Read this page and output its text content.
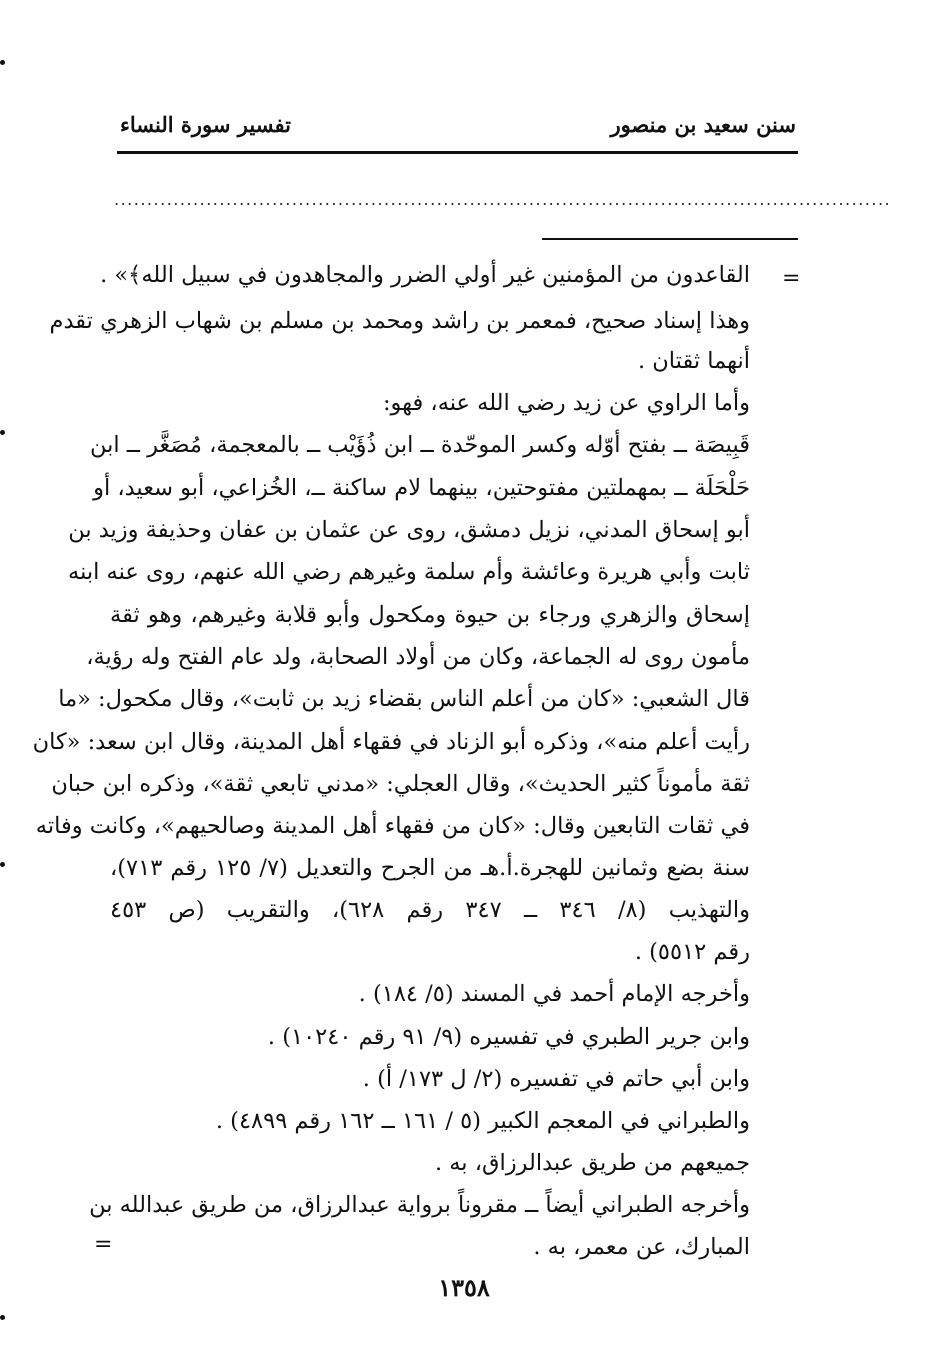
سنن سعيد بن منصور
تفسير سورة النساء
......................................................................................................................
=
القاعدون من المؤمنين غير أولي الضرر والمجاهدون في سبيل الله﴾» .
وهذا إسناد صحيح، فمعمر بن راشد ومحمد بن مسلم بن شهاب الزهري تقدم
أنهما ثقتان .
وأما الراوي عن زيد رضي الله عنه، فهو:
قَبِيصَة ــ بفتح أوّله وكسر الموحّدة ــ ابن ذُؤَيْب ــ بالمعجمة، مُصَغَّر ــ ابن
حَلْحَلَة ــ بمهملتين مفتوحتين، بينهما لام ساكنة ــ، الخُزاعي، أبو سعيد، أو
أبو إسحاق المدني، نزيل دمشق، روى عن عثمان بن عفان وحذيفة وزيد بن
ثابت وأبي هريرة وعائشة وأم سلمة وغيرهم رضي الله عنهم، روى عنه ابنه
إسحاق والزهري ورجاء بن حيوة ومكحول وأبو قلابة وغيرهم، وهو ثقة
مأمون روى له الجماعة، وكان من أولاد الصحابة، ولد عام الفتح وله رؤية،
قال الشعبي: «كان من أعلم الناس بقضاء زيد بن ثابت»، وقال مكحول: «ما
رأيت أعلم منه»، وذكره أبو الزناد في فقهاء أهل المدينة، وقال ابن سعد: «كان
ثقة مأموناً كثير الحديث»، وقال العجلي: «مدني تابعي ثقة»، وذكره ابن حبان
في ثقات التابعين وقال: «كان من فقهاء أهل المدينة وصالحيهم»، وكانت وفاته
سنة بضع وثمانين للهجرة.أ.هـ من الجرح والتعديل (٧/ ١٢٥ رقم ٧١٣)،
والتهذيب (٨/ ٣٤٦ ــ ٣٤٧ رقم ٦٢٨)، والتقريب (ص ٤٥٣
رقم ٥٥١٢) .
وأخرجه الإمام أحمد في المسند (٥/ ١٨٤) .
وابن جرير الطبري في تفسيره (٩/ ٩١ رقم ١٠٢٤٠) .
وابن أبي حاتم في تفسيره (٢/ ل ١٧٣/ أ) .
والطبراني في المعجم الكبير (٥ / ١٦١ ــ ١٦٢ رقم ٤٨٩٩) .
جميعهم من طريق عبدالرزاق، به .
وأخرجه الطبراني أيضاً ــ مقروناً برواية عبدالرزاق، من طريق عبدالله بن
المبارك، عن معمر، به .
=
١٣٥٨
